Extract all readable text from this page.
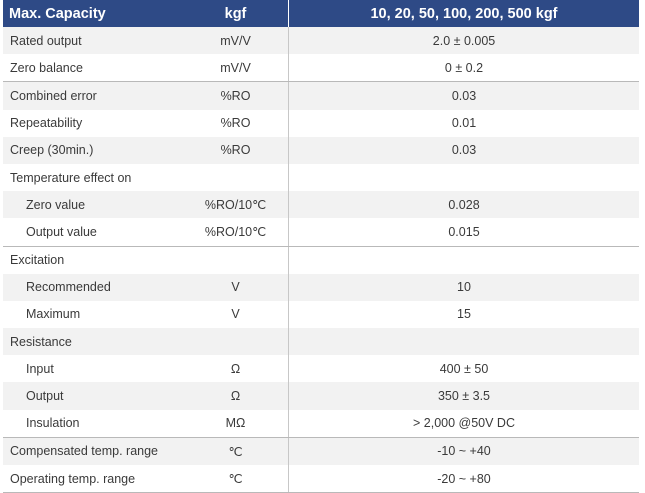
Max. Capacity	kgf	10, 20, 50, 100, 200, 500 kgf
Rated output	mV/V	2.0 ± 0.005
Zero balance	mV/V	0 ± 0.2
Combined error	%RO	0.03
Repeatability	%RO	0.01
Creep (30min.)	%RO	0.03
Temperature effect on
Zero value	%RO/10℃	0.028
Output value	%RO/10℃	0.015
Excitation
Recommended	V	10
Maximum	V	15
Resistance
Input	Ω	400 ± 50
Output	Ω	350 ± 3.5
Insulation	MΩ	> 2,000 @50V DC
Compensated temp. range	℃	-10 ~ +40
Operating temp. range	℃	-20 ~ +80
